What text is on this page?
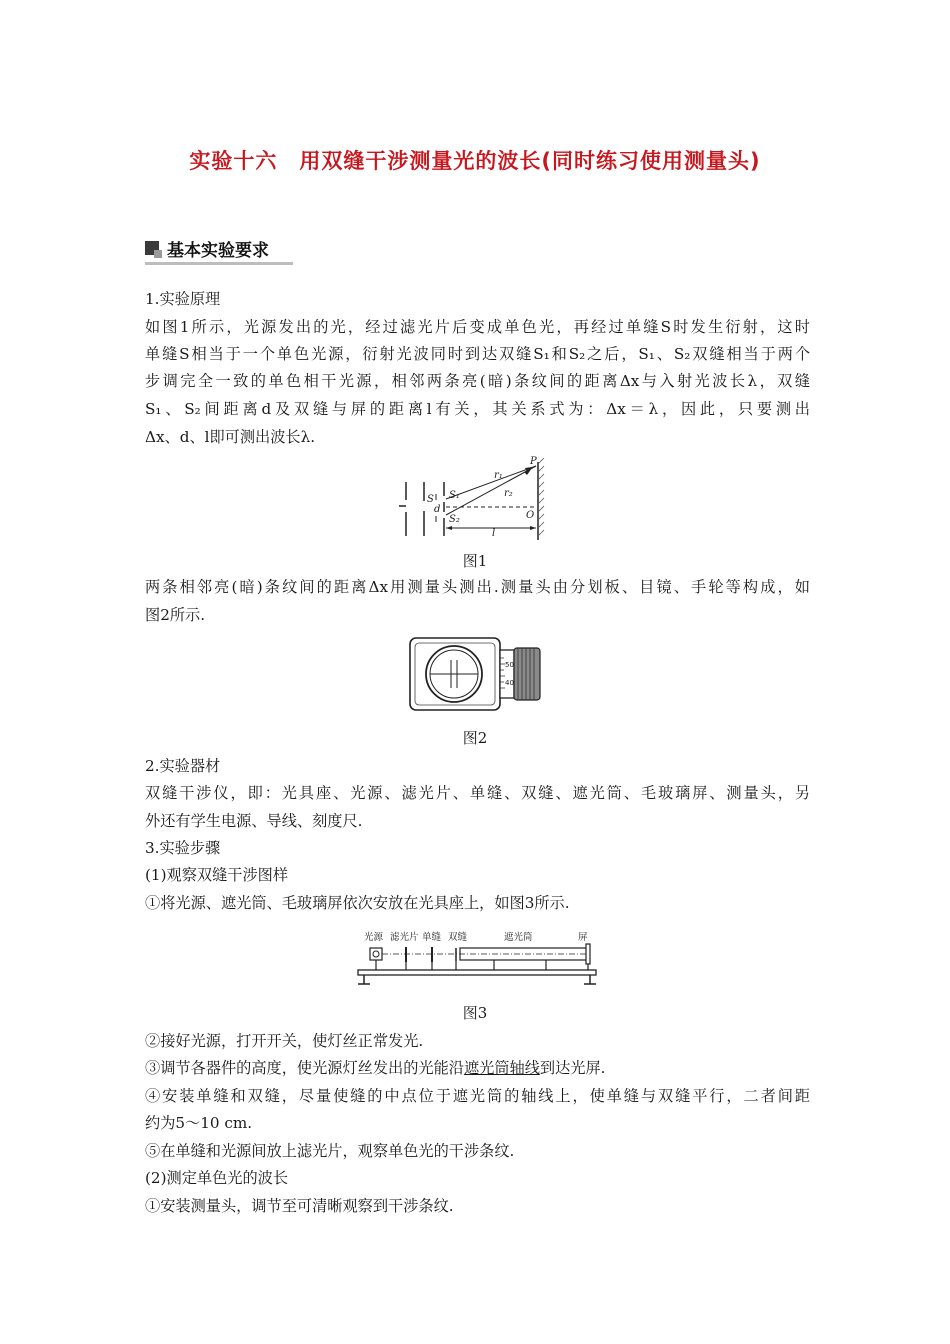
实验十六　用双缝干涉测量光的波长(同时练习使用测量头)
基本实验要求
1.实验原理
如图1所示，光源发出的光，经过滤光片后变成单色光，再经过单缝S时发生衍射，这时
单缝S相当于一个单色光源，衍射光波同时到达双缝S₁和S₂之后，S₁、S₂双缝相当于两个
步调完全一致的单色相干光源，相邻两条亮(暗)条纹间的距离Δx与入射光波长λ，双缝
S₁、S₂间距离d及双缝与屏的距离l有关，其关系式为：Δx＝λ，因此，只要测出
Δx、d、l即可测出波长λ.
P
S S₁
S₂
d
r₁
r₂
O
l
图1
两条相邻亮(暗)条纹间的距离Δx用测量头测出.测量头由分划板、目镜、手轮等构成，如
图2所示.
50
40
图2
2.实验器材
双缝干涉仪，即：光具座、光源、滤光片、单缝、双缝、遮光筒、毛玻璃屏、测量头，另
外还有学生电源、导线、刻度尺.
3.实验步骤
(1)观察双缝干涉图样
①将光源、遮光筒、毛玻璃屏依次安放在光具座上，如图3所示.
光源 滤光片 单缝 双缝	遮光筒	屏
图3
②接好光源，打开开关，使灯丝正常发光.
③调节各器件的高度，使光源灯丝发出的光能沿遮光筒轴线到达光屏.
④安装单缝和双缝，尽量使缝的中点位于遮光筒的轴线上，使单缝与双缝平行，二者间距
约为5～10 cm.
⑤在单缝和光源间放上滤光片，观察单色光的干涉条纹.
(2)测定单色光的波长
①安装测量头，调节至可清晰观察到干涉条纹.
